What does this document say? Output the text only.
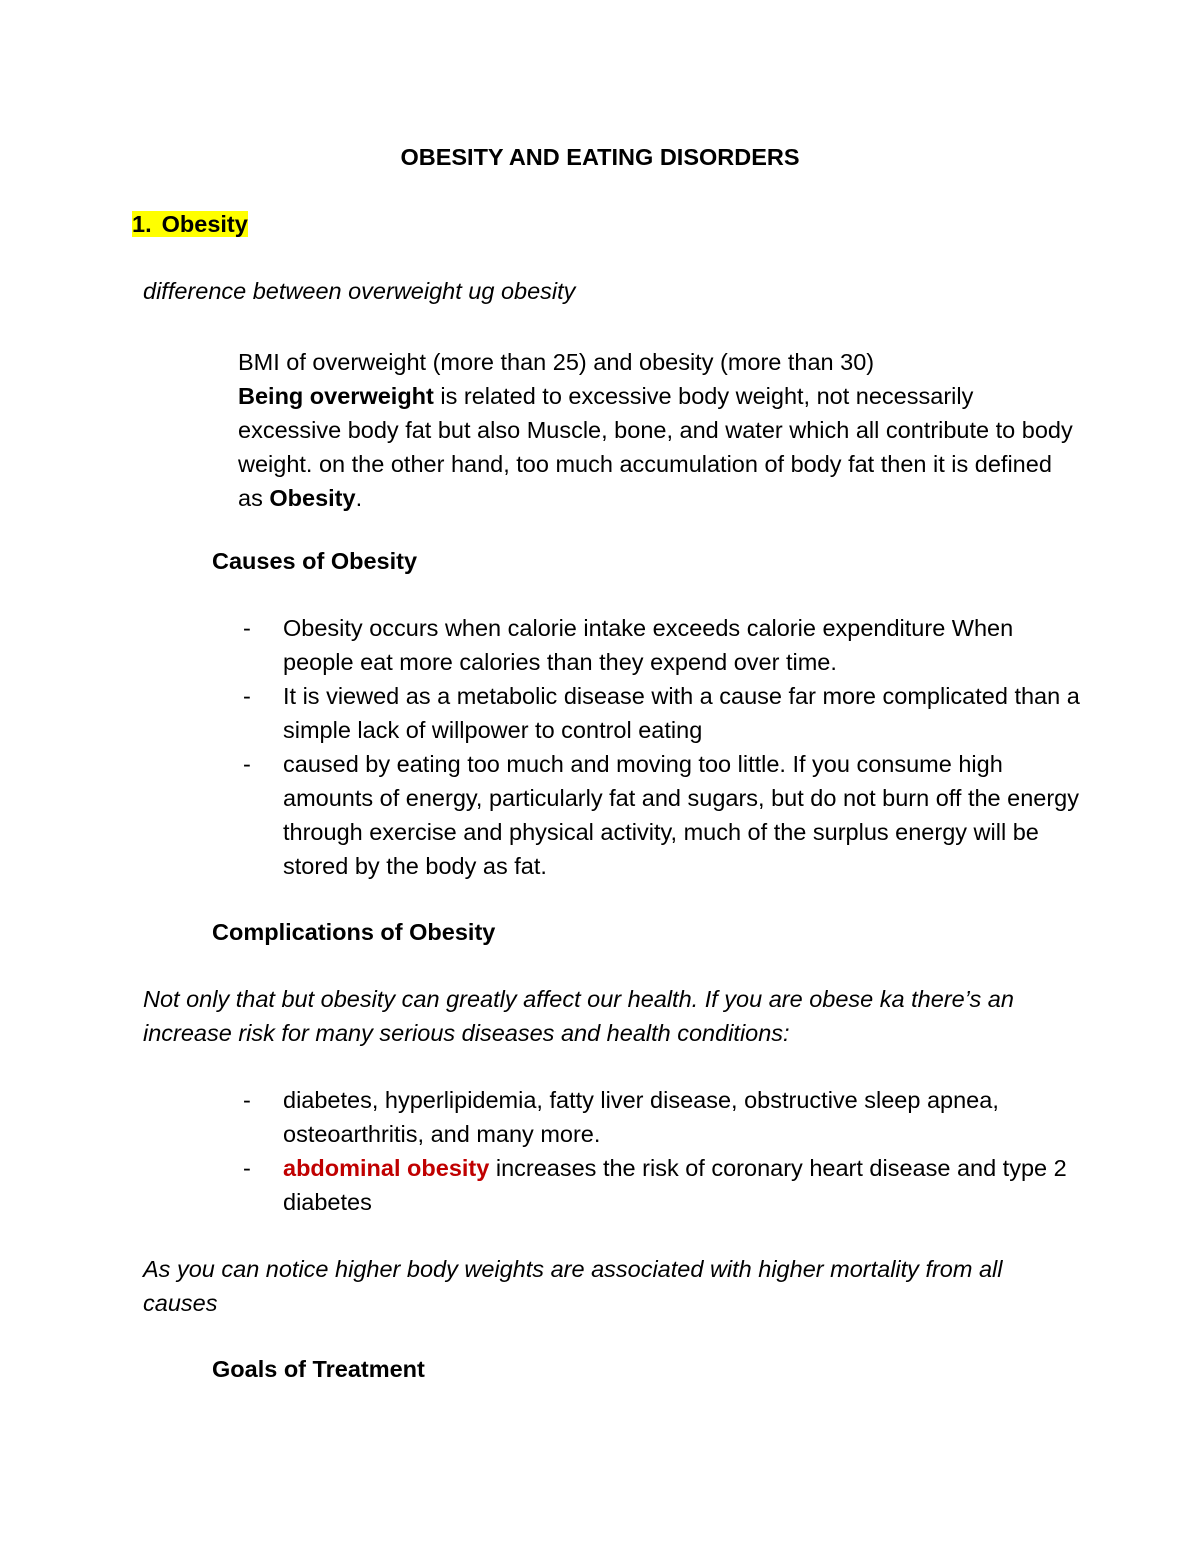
OBESITY AND EATING DISORDERS
1. Obesity
difference between overweight ug obesity

BMI of overweight (more than 25) and obesity (more than 30)

Being overweight is related to excessive body weight, not necessarily excessive body fat but also Muscle, bone, and water which all contribute to body weight. on the other hand, too much accumulation of body fat then it is defined as Obesity.

Causes of Obesity
- Obesity occurs when calorie intake exceeds calorie expenditure When people eat more calories than they expend over time.
- It is viewed as a metabolic disease with a cause far more complicated than a simple lack of willpower to control eating
- caused by eating too much and moving too little. If you consume high amounts of energy, particularly fat and sugars, but do not burn off the energy through exercise and physical activity, much of the surplus energy will be stored by the body as fat.
Complications of Obesity
Not only that but obesity can greatly affect our health. If you are obese ka there’s an increase risk for many serious diseases and health conditions:
- diabetes, hyperlipidemia, fatty liver disease, obstructive sleep apnea, osteoarthritis, and many more.
- abdominal obesity increases the risk of coronary heart disease and type 2 diabetes
As you can notice higher body weights are associated with higher mortality from all causes
Goals of Treatment
